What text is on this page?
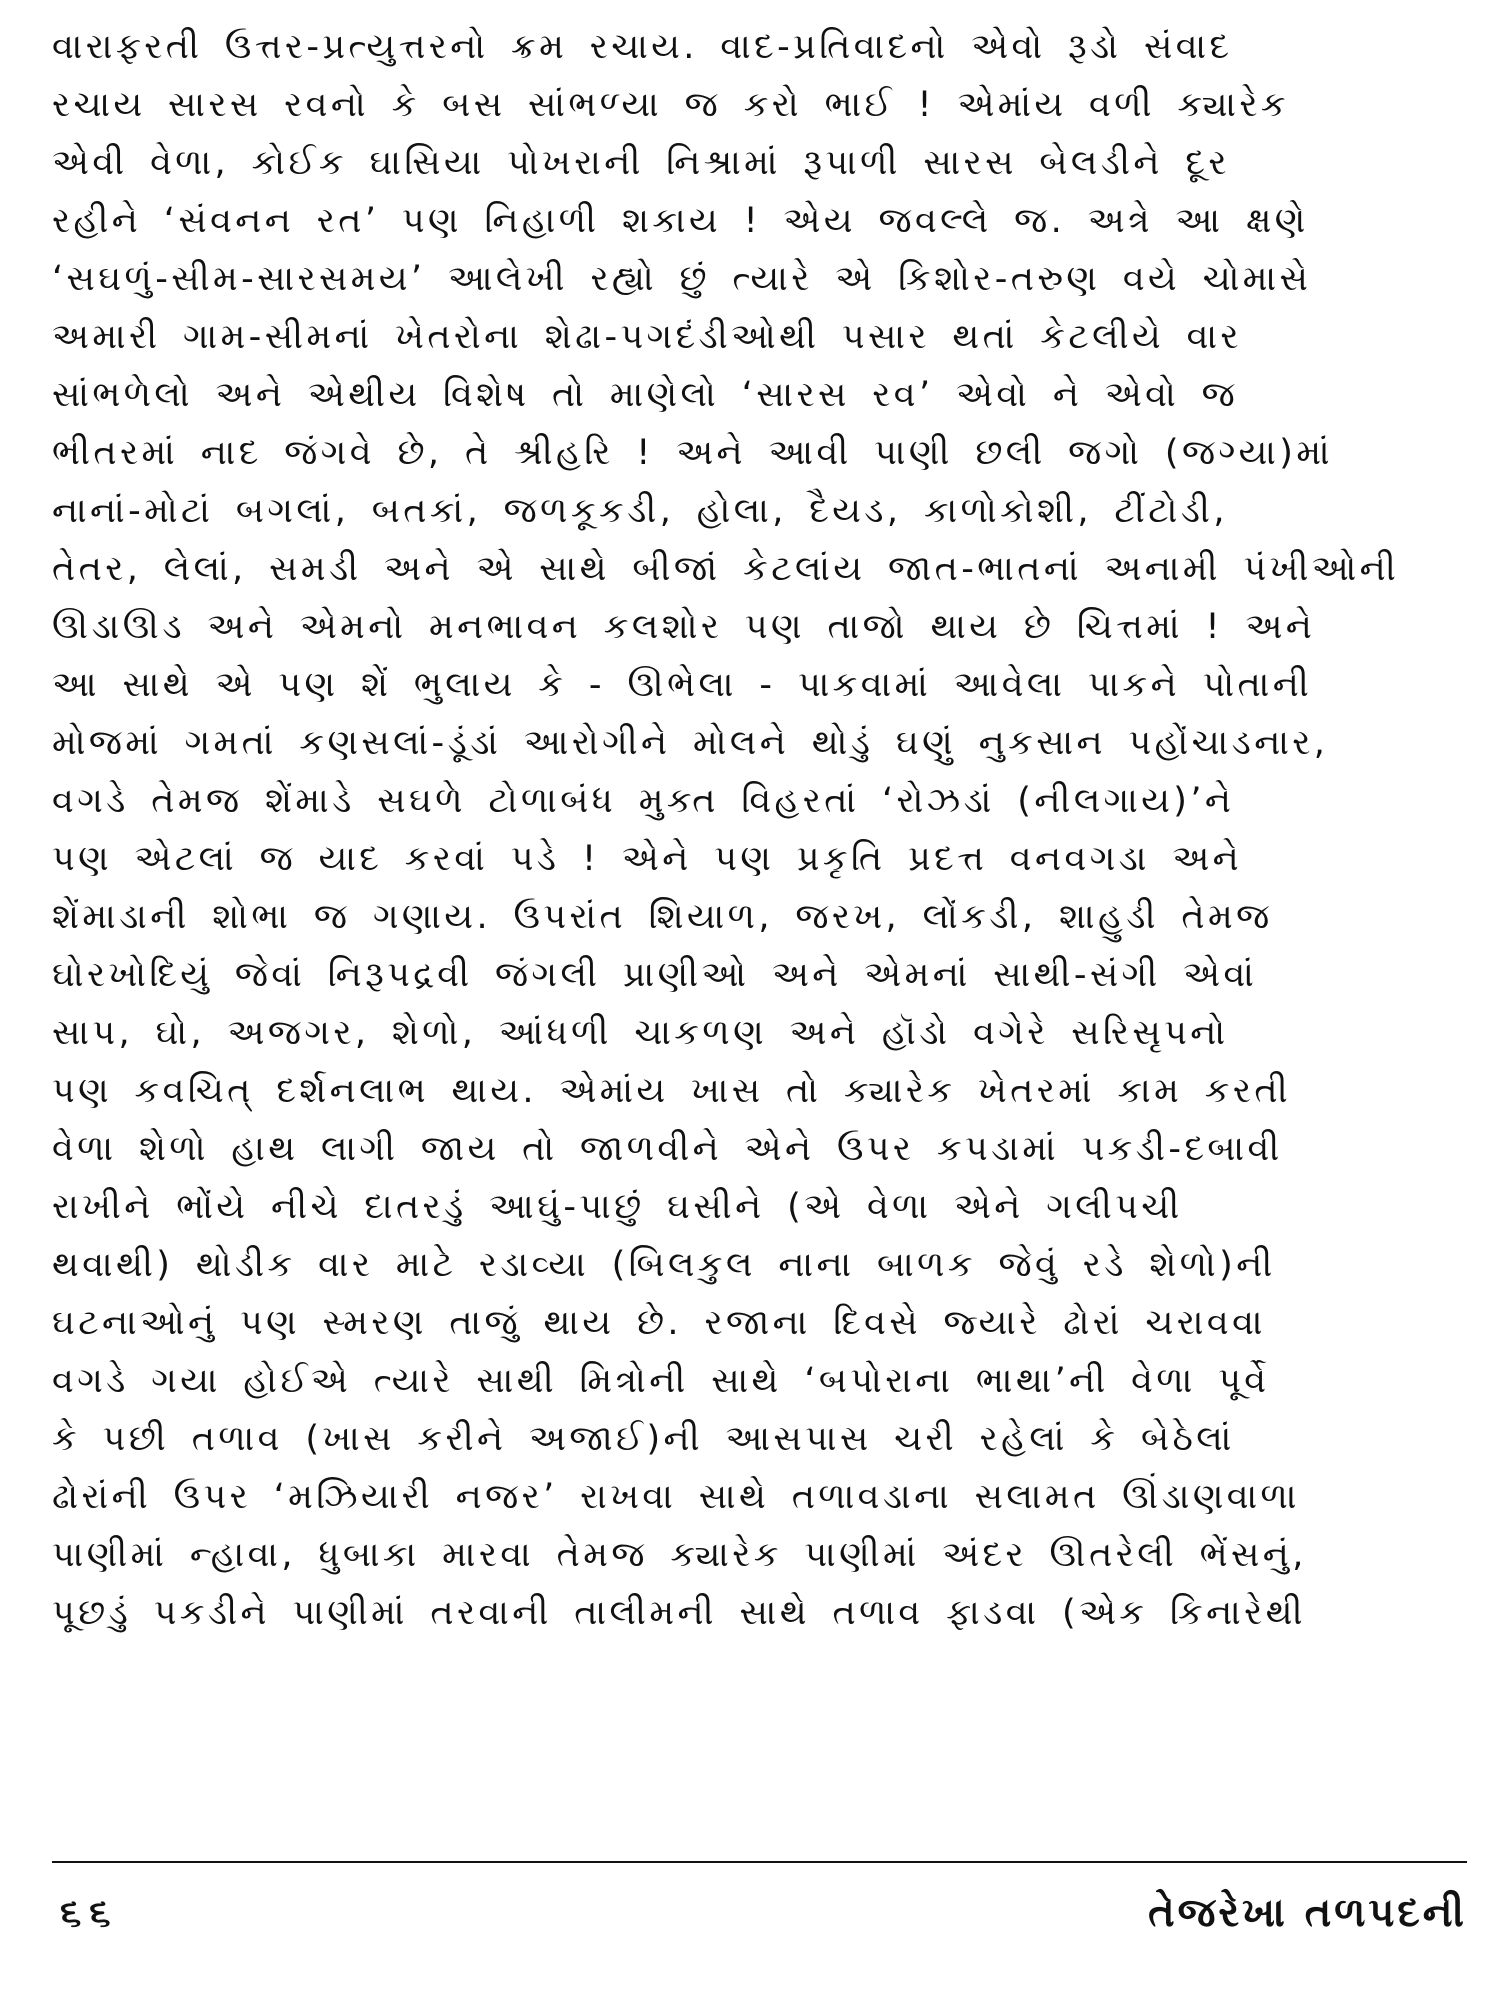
વારાફરતી ઉત્તર-પ્રત્યુત્તરનો ક્રમ રચાય. વાદ-પ્રતિવાદનો એવો રૂડો સંવાદ
રચાય સારસ રવનો કે બસ સાંભળ્યા જ કરો ભાઈ ! એમાંય વળી ક્યારેક
એવી વેળા, કોઈક ઘાસિયા પોખરાની નિશ્રામાં રૂપાળી સારસ બેલડીને દૂર
રહીને ‘સંવનન રત’ પણ નિહાળી શકાય ! એય જવલ્લે જ. અત્રે આ ક્ષણે
‘સઘળું-સીમ-સારસમય’ આલેખી રહ્યો છું ત્યારે એ કિશોર-તરુણ વયે ચોમાસે
અમારી ગામ-સીમનાં ખેતરોના શેઢા-પગદંડીઓથી પસાર થતાં કેટલીયે વાર
સાંભળેલો અને એથીય વિશેષ તો માણેલો ‘સારસ રવ’ એવો ને એવો જ
ભીતરમાં નાદ જંગવે છે, તે શ્રીહરિ ! અને આવી પાણી છલી જગો (જગ્યા)માં
નાનાં-મોટાં બગલાં, બતકાં, જળકૂકડી, હોલા, દૈયડ, કાળોકોશી, ટીંટોડી,
તેતર, લેલાં, સમડી અને એ સાથે બીજાં કેટલાંય જાત-ભાતનાં અનામી પંખીઓની
ઊડાઊડ અને એમનો મનભાવન કલશોર પણ તાજો થાય છે ચિત્તમાં ! અને
આ સાથે એ પણ શેં ભુલાય કે - ઊભેલા - પાકવામાં આવેલા પાકને પોતાની
મોજમાં ગમતાં કણસલાં-ડૂંડાં આરોગીને મોલને થોડું ઘણું નુકસાન પહોંચાડનાર,
વગડે તેમજ શેંમાડે સઘળે ટોળાબંધ મુક્ત વિહરતાં ‘રોઝડાં (નીલગાય)’ને
પણ એટલાં જ યાદ કરવાં પડે ! એને પણ પ્રકૃતિ પ્રદત્ત વનવગડા અને
શેંમાડાની શોભા જ ગણાય. ઉપરાંત શિયાળ, જરખ, લોંકડી, શાહુડી તેમજ
ઘોરખોદિયું જેવાં નિરૂપદ્રવી જંગલી પ્રાણીઓ અને એમનાં સાથી-સંગી એવાં
સાપ, ઘો, અજગર, શેળો, આંધળી ચાકળણ અને હૉડો વગેરે સરિસૃપનો
પણ કવચિત્ દર્શનલાભ થાય. એમાંય ખાસ તો ક્યારેક ખેતરમાં કામ કરતી
વેળા શેળો હાથ લાગી જાય તો જાળવીને એને ઉપર કપડામાં પકડી-દબાવી
રાખીને ભોંયે નીચે દાતરડું આઘું-પાછું ઘસીને (એ વેળા એને ગલીપચી
થવાથી) થોડીક વાર માટે રડાવ્યા (બિલકુલ નાના બાળક જેવું રડે શેળો)ની
ઘટનાઓનું પણ સ્મરણ તાજું થાય છે. રજાના દિવસે જ્યારે ઢોરાં ચરાવવા
વગડે ગયા હોઈએ ત્યારે સાથી મિત્રોની સાથે ‘બપોરાના ભાથા’ની વેળા પૂર્વે
કે પછી તળાવ (ખાસ કરીને અજાઈ)ની આસપાસ ચરી રહેલાં કે બેઠેલાં
ઢોરાંની ઉપર ‘મઝિયારી નજર’ રાખવા સાથે તળાવડાના સલામત ઊંડાણવાળા
પાણીમાં ન્હાવા, ધુબાકા મારવા તેમજ ક્યારેક પાણીમાં અંદર ઊતરેલી ભેંસનું,
પૂછડું પકડીને પાણીમાં તરવાની તાલીમની સાથે તળાવ ફાડવા (એક કિનારેથી
૬૬	તેજરેખા તળપદની
